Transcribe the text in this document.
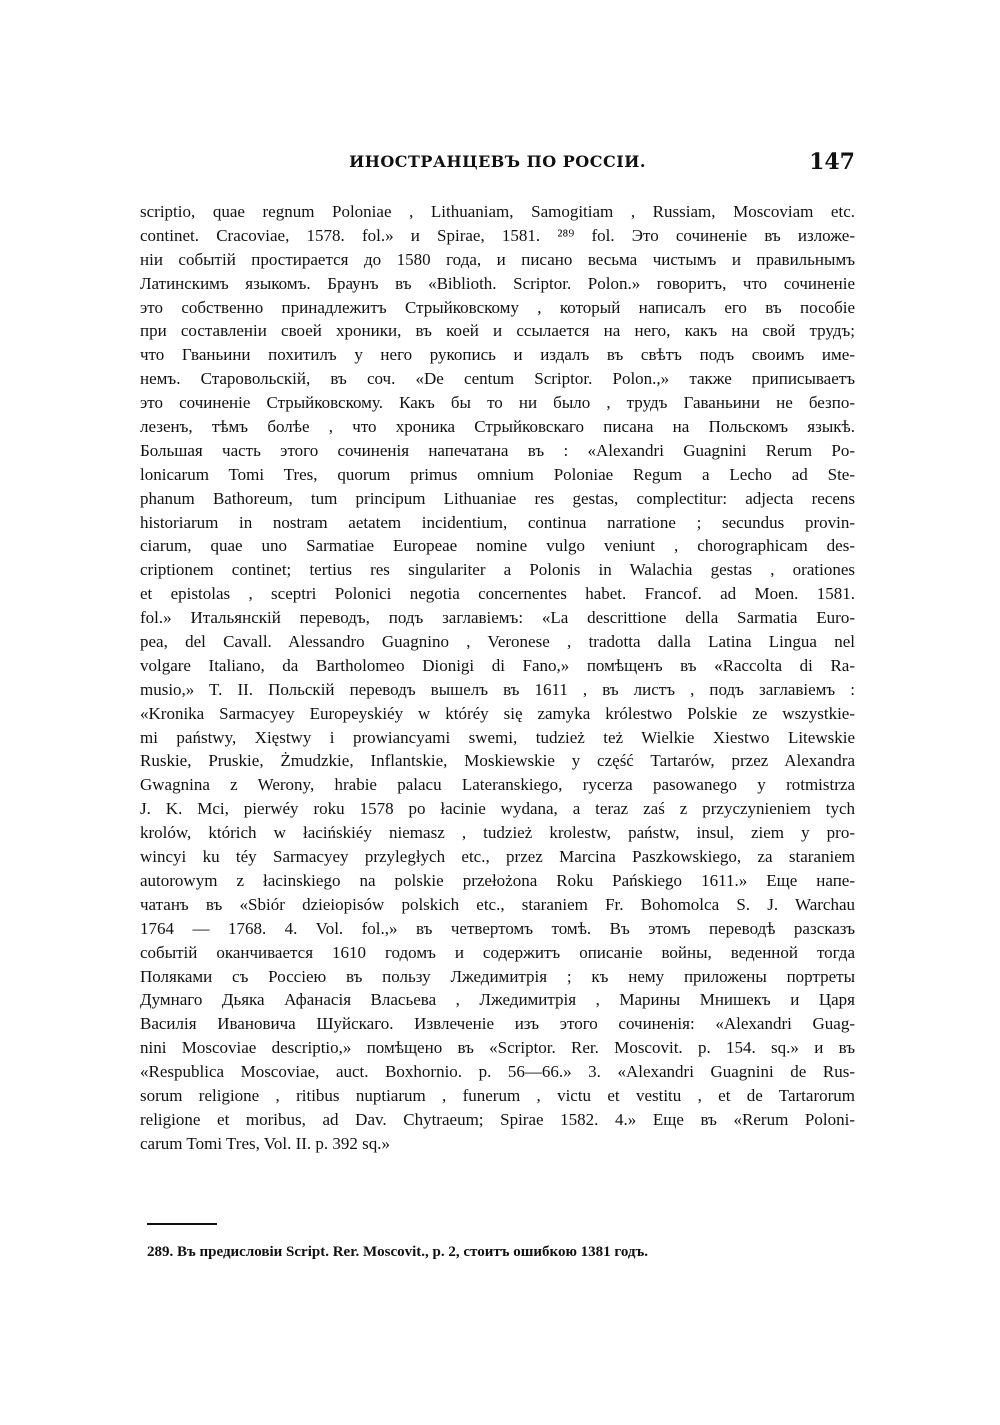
ИНОСТРАНЦЕВЪ ПО РОССІИ.	147
scriptio, quae regnum Poloniae , Lithuaniam, Samogitiam , Russiam, Moscoviam etc.
continet. Cracoviae, 1578. fol.» и Spirae, 1581. ²⁸⁹ fol. Это сочиненіе въ изложе-
ніи событій простирается до 1580 года, и писано весьма чистымъ и правильнымъ
Латинскимъ языкомъ. Браунъ въ «Biblioth. Scriptor. Polon.» говоритъ, что сочиненіе
это собственно принадлежитъ Стрыйковскому , который написалъ его въ пособіе
при составленіи своей хроники, въ коей и ссылается на него, какъ на свой трудъ;
что Гваньини похитилъ у него рукопись и издалъ въ свѣтъ подъ своимъ име-
немъ. Старовольскій, въ соч. «De centum Scriptor. Polon.,» также приписываетъ
это сочиненіе Стрыйковскому. Какъ бы то ни было , трудъ Гаваньини не безпо-
лезенъ, тѣмъ болѣе , что хроника Стрыйковскаго писана на Польскомъ языкѣ.
Большая часть этого сочиненія напечатана въ : «Alexandri Guagnini Rerum Po-
lonicarum Tomi Tres, quorum primus omnium Poloniae Regum a Lecho ad Ste-
phanum Bathoreum, tum principum Lithuaniae res gestas, complectitur: adjecta recens
historiarum in nostram aetatem incidentium, continua narratione ; secundus provin-
ciarum, quae uno Sarmatiae Europeae nomine vulgo veniunt , chorographicam des-
criptionem continet; tertius res singulariter a Polonis in Walachia gestas , orationes
et epistolas , sceptri Polonici negotia concernentes habet. Francof. ad Moen. 1581.
fol.» Итальянскій переводъ, подъ заглавіемъ: «La descrittione della Sarmatia Euro-
pea, del Cavall. Alessandro Guagnino , Veronese , tradotta dalla Latina Lingua nel
volgare Italiano, da Bartholomeo Dionigi di Fano,» помѣщенъ въ «Raccolta di Ra-
musio,» T. II. Польскій переводъ вышелъ въ 1611 , въ листъ , подъ заглавіемъ :
«Kronika Sarmacyey Europeyskiéy w któréy się zamyka królestwo Polskie ze wszystkie-
mi państwy, Xięstwy i prowiancyami swemi, tudzież też Wielkie Xiestwo Litewskie
Ruskie, Pruskie, Żmudzkie, Inflantskie, Moskiewskie y część Tartarów, przez Alexandra
Gwagnina z Werony, hrabie palacu Lateranskiego, rycerza pasowanego y rotmistrza
J. K. Mci, pierwéy roku 1578 po łacinie wydana, a teraz zaś z przyczynieniem tych
krolów, którich w łacińskiéy niemasz , tudzież krolestw, państw, insul, ziem y pro-
wincyi ku téy Sarmacyey przyległych etc., przez Marcina Paszkowskiego, za staraniem
autorowym z łacinskiego na polskie przełożona Roku Pańskiego 1611.» Еще напе-
чатанъ въ «Sbiór dzieiopisów polskich etc., staraniem Fr. Bohomolca S. J. Warchau
1764 — 1768. 4. Vol. fol.,» въ четвертомъ томѣ. Въ этомъ переводѣ разсказъ
событій оканчивается 1610 годомъ и содержитъ описаніе войны, веденной тогда
Поляками съ Россіею въ пользу Лжедимитрія ; къ нему приложены портреты
Думнаго Дьяка Афанасія Власьева , Лжедимитрія , Марины Мнишекъ и Царя
Василія Ивановича Шуйскаго. Извлеченіе изъ этого сочиненія: «Alexandri Guag-
nini Moscoviae descriptio,» помѣщено въ «Scriptor. Rer. Moscovit. p. 154. sq.» и въ
«Respublica Moscoviae, auct. Boxhornio. p. 56—66.» 3. «Alexandri Guagnini de Rus-
sorum religione , ritibus nuptiarum , funerum , victu et vestitu , et de Tartarorum
religione et moribus, ad Dav. Chytraeum; Spirae 1582. 4.» Еще въ «Rerum Poloni-
carum Tomi Tres, Vol. II. p. 392 sq.»
289. Въ предисловіи Script. Rer. Moscovit., p. 2, стоитъ ошибкою 1381 годъ.
